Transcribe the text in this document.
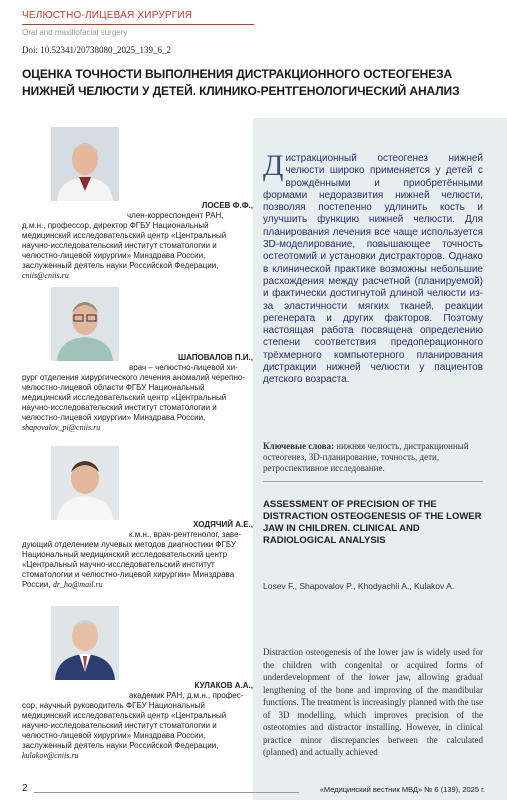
ЧЕЛЮСТНО-ЛИЦЕВАЯ ХИРУРГИЯ
Oral and maxillofacial surgery
Doi: 10.52341/20738080_2025_139_6_2
ОЦЕНКА ТОЧНОСТИ ВЫПОЛНЕНИЯ ДИСТРАКЦИОННОГО ОСТЕОГЕНЕЗА НИЖНЕЙ ЧЕЛЮСТИ У ДЕТЕЙ. КЛИНИКО-РЕНТГЕНОЛОГИЧЕСКИЙ АНАЛИЗ
ЛОСЕВ Ф.Ф.,
член-корреспондент РАН,
д.м.н., профессор, директор ФГБУ Национальный медицинский исследовательский центр «Центральный научно-исследовательский институт стоматологии и челюстно-лицевой хирургии» Минздрава России, заслуженный деятель науки Российской Федерации, cniis@cniis.ru
ШАПОВАЛОВ П.И.,
врач – челюстно-лицевой хи-
рург отделения хирургического лечения аномалий черепно-челюстно-лицевой области ФГБУ Национальный медицинский исследовательский центр «Центральный научно-исследовательский институт стоматологии и челюстно-лицевой хирургии» Минздрава России, shapovalov_pi@cniis.ru
ХОДЯЧИЙ А.Е.,
к.м.н., врач-рентгенолог, заве-
дующий отделением лучевых методов диагностики ФГБУ Национальный медицинский исследовательский центр «Центральный научно-исследовательский институт стоматологии и челюстно-лицевой хирургии» Минздрава России, dr_ho@mail.ru
КУЛАКОВ А.А.,
академик РАН, д.м.н., профес-
сор, научный руководитель ФГБУ Национальный медицинский исследовательский центр «Центральный научно-исследовательский институт стоматологии и челюстно-лицевой хирургии» Минздрава России, заслуженный деятель науки Российской Федерации, kulakov@cniis.ru
Дистракционный остеогенез нижней челюсти широко применяется у детей с врождёнными и приобретёнными формами недоразвития нижней челюсти, позволяя постепенно удлинить кость и улучшить функцию нижней челюсти. Для планирования лечения все чаще используется 3D-моделирование, повышающее точность остеотомий и установки дистракторов. Однако в клинической практике возможны небольшие расхождения между расчетной (планируемой) и фактически достигнутой длиной челюсти из-за эластичности мягких тканей, реакции регенерата и других факторов. Поэтому настоящая работа посвящена определению степени соответствия предоперационного трёхмерного компьютерного планирования дистракции нижней челюсти у пациентов детского возраста.
Ключевые слова: нижняя челюсть, дистракционный остеогенез, 3D-планирование, точность, дети, ретроспективное исследование.
ASSESSMENT OF PRECISION OF THE DISTRACTION OSTEOGENESIS OF THE LOWER JAW IN CHILDREN. CLINICAL AND RADIOLOGICAL ANALYSIS
Losev F., Shapovalov P., Khodyachii A., Kulakov A.
Distraction osteogenesis of the lower jaw is widely used for the children with congenital or acquired forms of underdevelopment of the lower jaw, allowing gradual lengthening of the bone and improving of the mandibular functions. The treatment is increasingly planned with the use of 3D modelling, which improves precision of the osteotomies and distractor installing. However, in clinical practice minor discrepancies between the calculated (planned) and actually achieved
2	«Медицинский вестник МВД» № 6 (139), 2025 г.
